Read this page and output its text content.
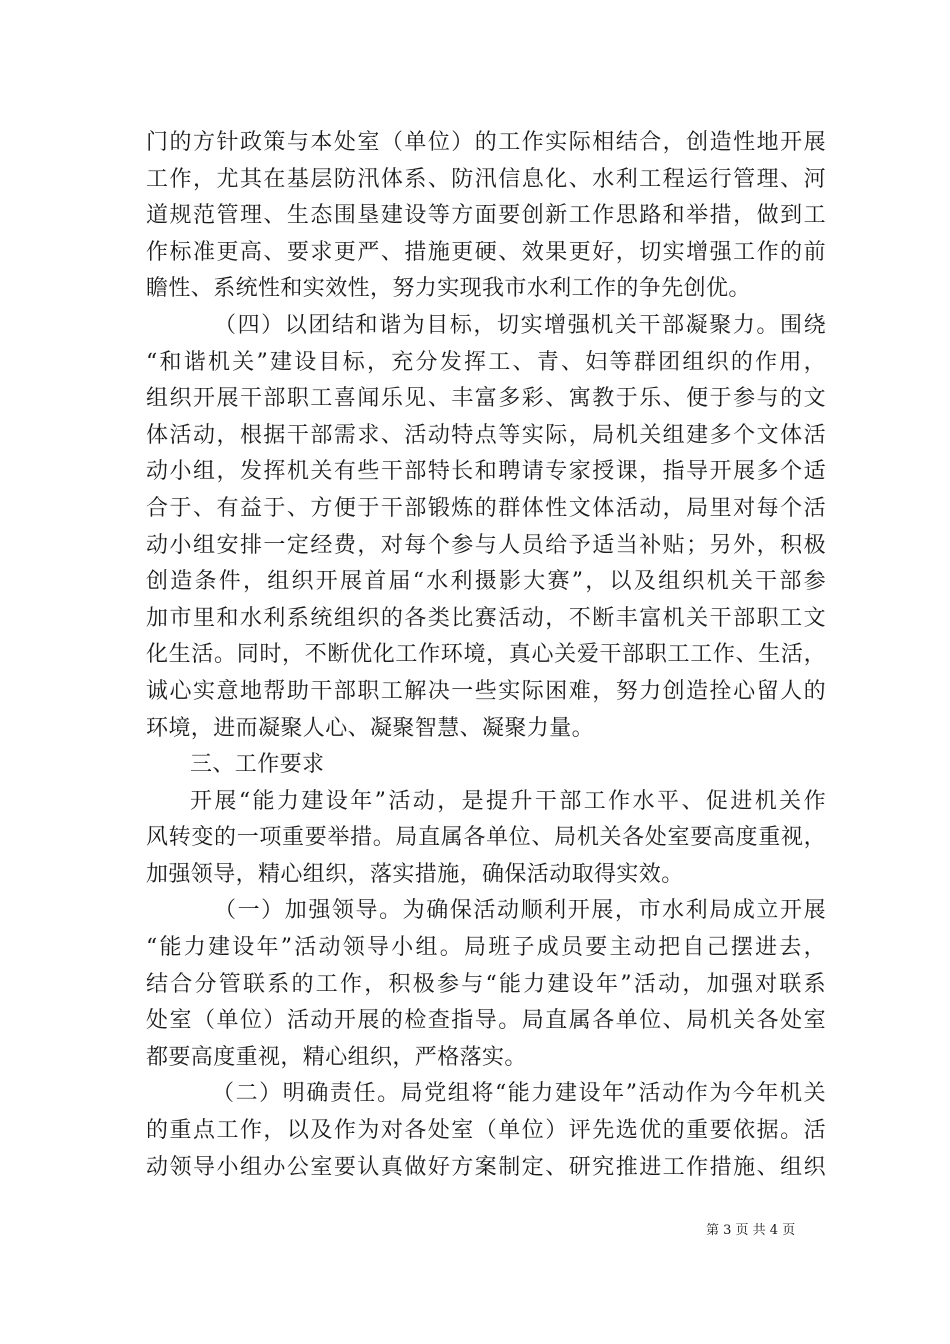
门的方针政策与本处室（单位）的工作实际相结合，创造性地开展
工作，尤其在基层防汛体系、防汛信息化、水利工程运行管理、河
道规范管理、生态围垦建设等方面要创新工作思路和举措，做到工
作标准更高、要求更严、措施更硬、效果更好，切实增强工作的前
瞻性、系统性和实效性，努力实现我市水利工作的争先创优。
（四）以团结和谐为目标，切实增强机关干部凝聚力。围绕
“和谐机关”建设目标，充分发挥工、青、妇等群团组织的作用，
组织开展干部职工喜闻乐见、丰富多彩、寓教于乐、便于参与的文
体活动，根据干部需求、活动特点等实际，局机关组建多个文体活
动小组，发挥机关有些干部特长和聘请专家授课，指导开展多个适
合于、有益于、方便于干部锻炼的群体性文体活动，局里对每个活
动小组安排一定经费，对每个参与人员给予适当补贴；另外，积极
创造条件，组织开展首届“水利摄影大赛”，以及组织机关干部参
加市里和水利系统组织的各类比赛活动，不断丰富机关干部职工文
化生活。同时，不断优化工作环境，真心关爱干部职工工作、生活，
诚心实意地帮助干部职工解决一些实际困难，努力创造拴心留人的
环境，进而凝聚人心、凝聚智慧、凝聚力量。
三、工作要求
开展“能力建设年”活动，是提升干部工作水平、促进机关作
风转变的一项重要举措。局直属各单位、局机关各处室要高度重视，
加强领导，精心组织，落实措施，确保活动取得实效。
（一）加强领导。为确保活动顺利开展，市水利局成立开展
“能力建设年”活动领导小组。局班子成员要主动把自己摆进去，
结合分管联系的工作，积极参与“能力建设年”活动，加强对联系
处室（单位）活动开展的检查指导。局直属各单位、局机关各处室
都要高度重视，精心组织，严格落实。
（二）明确责任。局党组将“能力建设年”活动作为今年机关
的重点工作，以及作为对各处室（单位）评先选优的重要依据。活
动领导小组办公室要认真做好方案制定、研究推进工作措施、组织
第 3 页 共 4 页
